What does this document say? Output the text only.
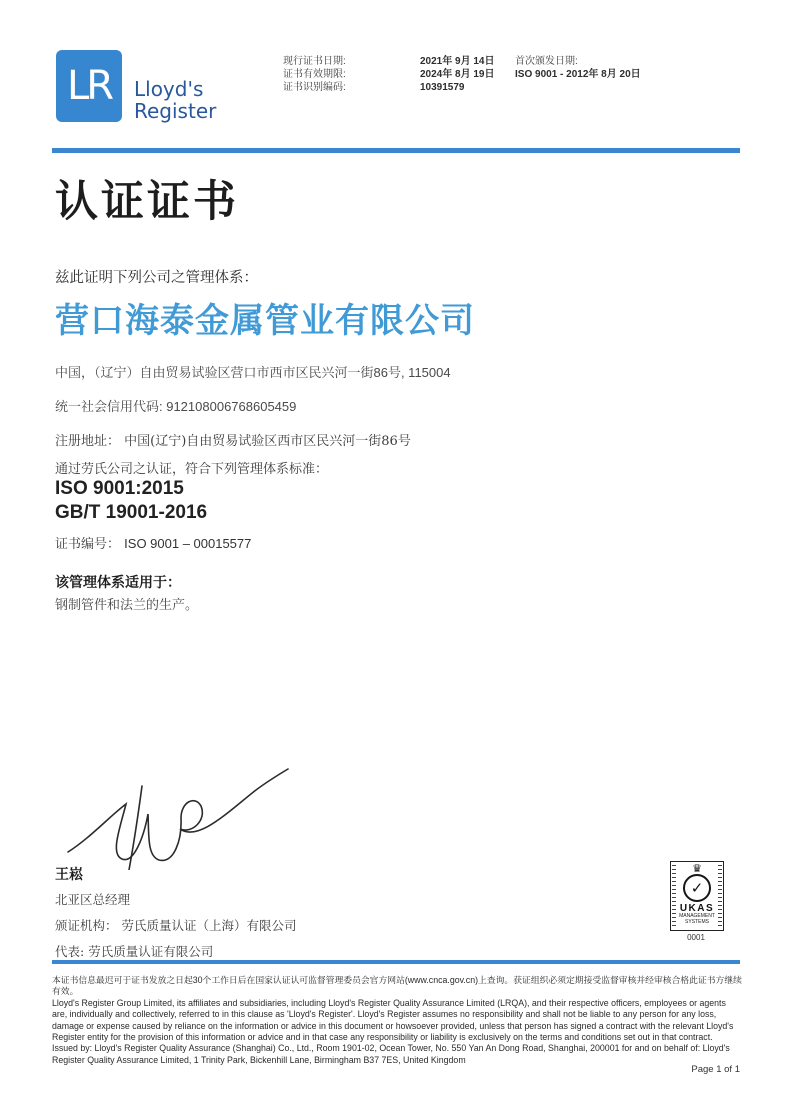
LR Lloyd's
Register
现行证书日期:
证书有效期限:
证书识别编码:
2021年 9月 14日
2024年 8月 19日
10391579
首次颁发日期:
ISO 9001 - 2012年 8月 20日
认证证书
兹此证明下列公司之管理体系：
营口海泰金属管业有限公司
中国，（辽宁）自由贸易试验区营口市西市区民兴河一街86号, 115004
统一社会信用代码: 912108006768605459
注册地址： 中国(辽宁)自由贸易试验区西市区民兴河一街86号
通过劳氏公司之认证，符合下列管理体系标准：
ISO 9001:2015
GB/T 19001-2016
证书编号： ISO 9001 – 00015577
该管理体系适用于：
钢制管件和法兰的生产。
王崧
北亚区总经理
颁证机构： 劳氏质量认证（上海）有限公司
代表: 劳氏质量认证有限公司
♛
✓
UKAS
MANAGEMENT
SYSTEMS
0001

本证书信息最迟可于证书发放之日起30个工作日后在国家认证认可监督管理委员会官方网站(www.cnca.gov.cn)上查询。获证组织必须定期接受监督审核并经审核合格此证书方继续有效。

Lloyd's Register Group Limited, its affiliates and subsidiaries, including Lloyd's Register Quality Assurance Limited (LRQA), and their respective officers, employees or agents are, individually and collectively, referred to in this clause as 'Lloyd's Register'. Lloyd's Register assumes no responsibility and shall not be liable to any person for any loss, damage or expense caused by reliance on the information or advice in this document or howsoever provided, unless that person has signed a contract with the relevant Lloyd's Register entity for the provision of this information or advice and in that case any responsibility or liability is exclusively on the terms and conditions set out in that contract.

Issued by: Lloyd's Register Quality Assurance (Shanghai) Co., Ltd., Room 1901-02, Ocean Tower, No. 550 Yan An Dong Road, Shanghai, 200001 for and on behalf of: Lloyd's Register Quality Assurance Limited, 1 Trinity Park, Bickenhill Lane, Birmingham B37 7ES, United Kingdom

Page 1 of 1
